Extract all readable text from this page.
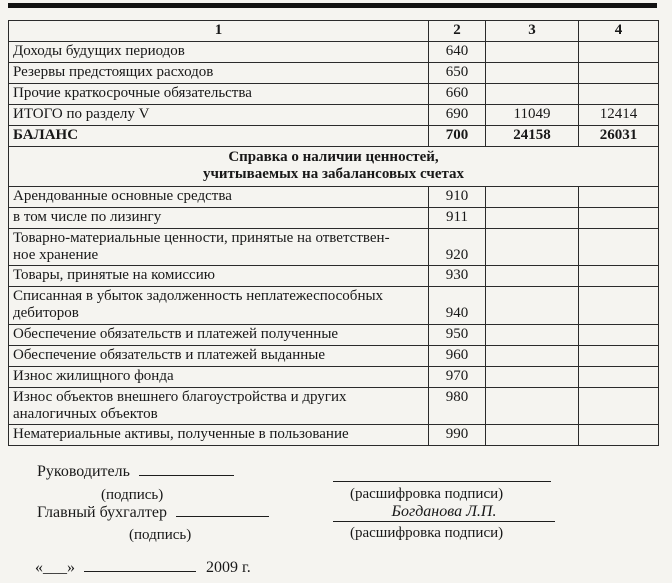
1	2	3	4

Доходы будущих периодов	640		

Резервы предстоящих расходов	650		

Прочие краткосрочные обязательства	660		

ИТОГО по разделу V	690	11049	12414

БАЛАНС	700	24158	26031

Справка о наличии ценностей,
учитываемых на забалансовых счетах			

Арендованные основные средства	910		

в том числе по лизингу	911		

Товарно-материальные ценности, принятые на ответствен-
ное хранение	920		

Товары, принятые на комиссию	930		

Списанная в убыток задолженность неплатежеспособных
дебиторов	940		

Обеспечение обязательств и платежей полученные	950		

Обеспечение обязательств и платежей выданные	960		

Износ жилищного фонда	970		

Износ объектов внешнего благоустройства и других
аналогичных объектов	980		

Нематериальные активы, полученные в пользование	990		
Руководитель
(подпись)	(расшифровка подписи)
Главный бухгалтер	Богданова Л.П.
(подпись)	(расшифровка подписи)
«___»	2009 г.
